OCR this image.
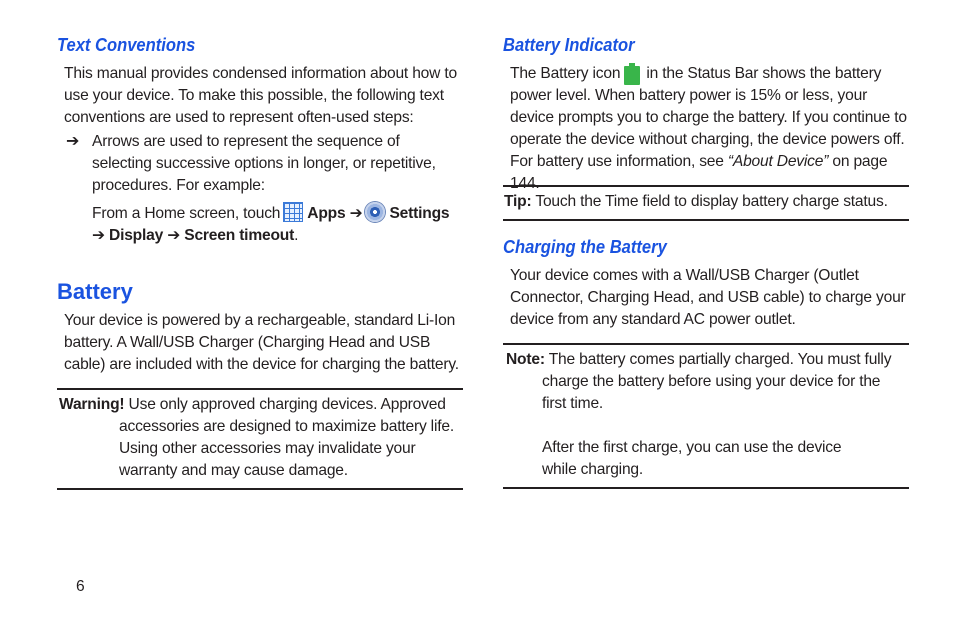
Text Conventions

This manual provides condensed information about how to use your device. To make this possible, the following text conventions are used to represent often-used steps:

➔ Arrows are used to represent the sequence of selecting successive options in longer, or repetitive, procedures. For example:

From a Home screen, touch Apps ➔ Settings
➔ Display ➔ Screen timeout.

Battery

Your device is powered by a rechargeable, standard Li-Ion battery. A Wall/USB Charger (Charging Head and USB cable) are included with the device for charging the battery.

Warning! Use only approved charging devices. Approved

accessories are designed to maximize battery life. Using other accessories may invalidate your warranty and may cause damage.

Battery Indicator

The Battery icon in the Status Bar shows the battery power level. When battery power is 15% or less, your device prompts you to charge the battery. If you continue to operate the device without charging, the device powers off. For battery use information, see “About Device” on page 144.

Tip: Touch the Time field to display battery charge status.

Charging the Battery

Your device comes with a Wall/USB Charger (Outlet Connector, Charging Head, and USB cable) to charge your device from any standard AC power outlet.

Note: The battery comes partially charged. You must fully

charge the battery before using your device for the first time.

After the first charge, you can use the device while charging.

6
